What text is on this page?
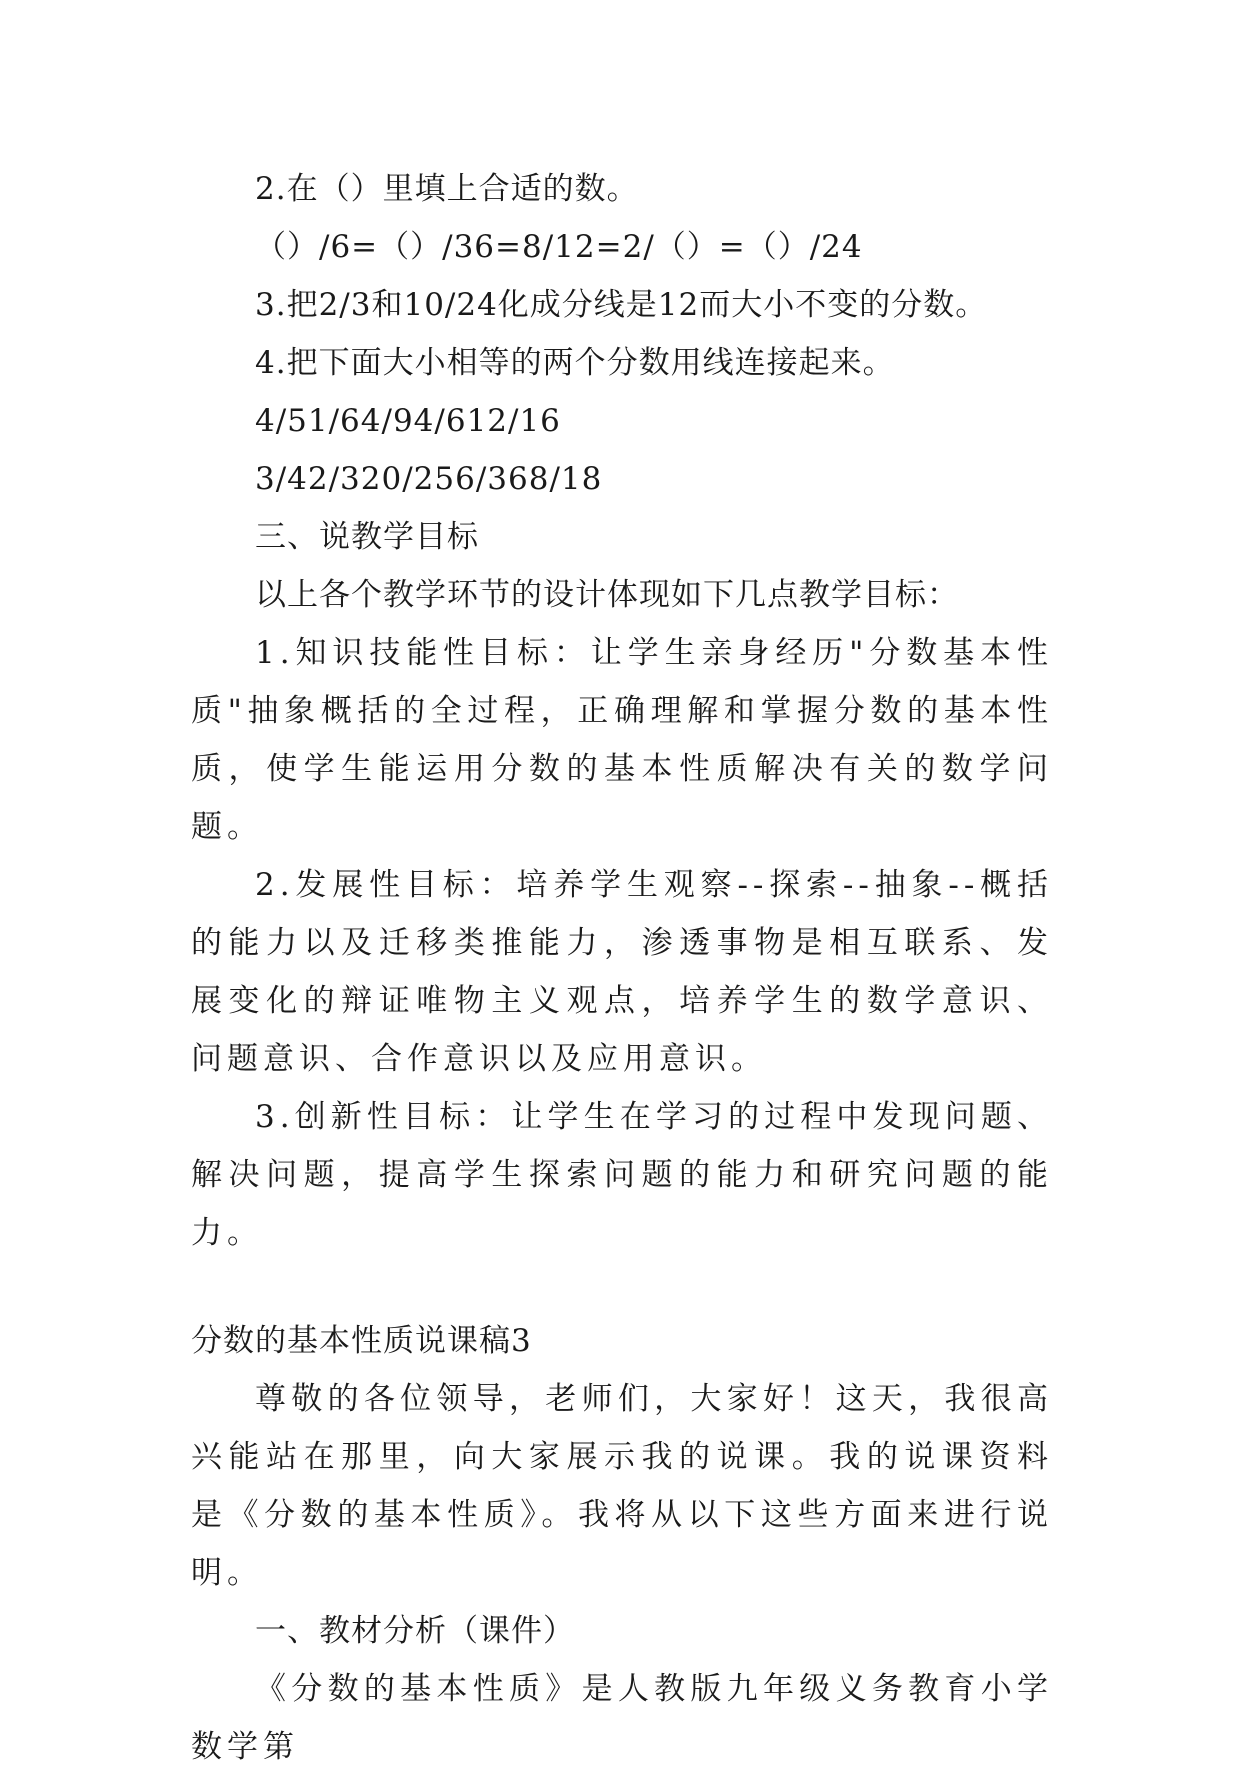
2.在（）里填上合适的数。

（）/6=（）/36=8/12=2/（）=（）/24

3.把2/3和10/24化成分线是12而大小不变的分数。

4.把下面大小相等的两个分数用线连接起来。

4/51/64/94/612/16

3/42/320/256/368/18

三、说教学目标

以上各个教学环节的设计体现如下几点教学目标：

1.知识技能性目标：让学生亲身经历"分数基本性质"抽象概括的全过程，正确理解和掌握分数的基本性质，使学生能运用分数的基本性质解决有关的数学问题。

2.发展性目标：培养学生观察--探索--抽象--概括的能力以及迁移类推能力，渗透事物是相互联系、发展变化的辩证唯物主义观点，培养学生的数学意识、问题意识、合作意识以及应用意识。

3.创新性目标：让学生在学习的过程中发现问题、解决问题，提高学生探索问题的能力和研究问题的能力。

分数的基本性质说课稿3

尊敬的各位领导，老师们，大家好！这天，我很高兴能站在那里，向大家展示我的说课。我的说课资料是《分数的基本性质》。我将从以下这些方面来进行说明。

一、教材分析（课件）

《分数的基本性质》是人教版九年级义务教育小学数学第
